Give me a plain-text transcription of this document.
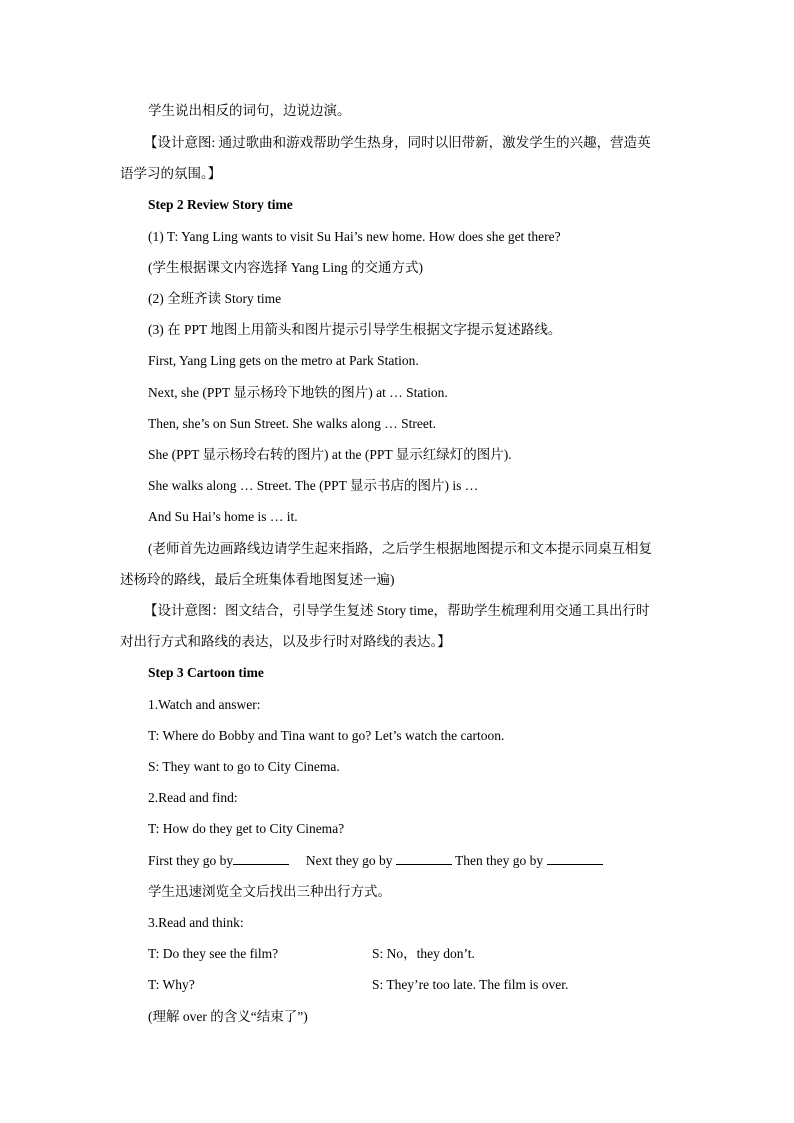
学生说出相反的词句，边说边演。
【设计意图: 通过歌曲和游戏帮助学生热身，同时以旧带新，激发学生的兴趣，营造英
语学习的氛围。】
Step 2 Review Story time
(1) T: Yang Ling wants to visit Su Hai’s new home. How does she get there?
(学生根据课文内容选择 Yang Ling 的交通方式)
(2) 全班齐读 Story time
(3) 在 PPT 地图上用箭头和图片提示引导学生根据文字提示复述路线。
First, Yang Ling gets on the metro at Park Station.
Next, she (PPT 显示杨玲下地铁的图片) at … Station.
Then, she’s on Sun Street. She walks along … Street.
She (PPT 显示杨玲右转的图片) at the (PPT 显示红绿灯的图片).
She walks along … Street. The (PPT 显示书店的图片) is …
And Su Hai’s home is … it.
(老师首先边画路线边请学生起来指路，之后学生根据地图提示和文本提示同桌互相复
述杨玲的路线，最后全班集体看地图复述一遍)
【设计意图：图文结合，引导学生复述 Story time，帮助学生梳理利用交通工具出行时
对出行方式和路线的表达，以及步行时对路线的表达。】
Step 3 Cartoon time
1.Watch and answer:
T: Where do Bobby and Tina want to go? Let’s watch the cartoon.
S: They want to go to City Cinema.
2.Read and find:
T: How do they get to City Cinema?
First they go by	Next they go by	Then they go by
学生迅速浏览全文后找出三种出行方式。
3.Read and think:
T: Do they see the film?	S: No，they don’t.
T: Why?	S: They’re too late. The film is over.
(理解 over 的含义“结束了”)
